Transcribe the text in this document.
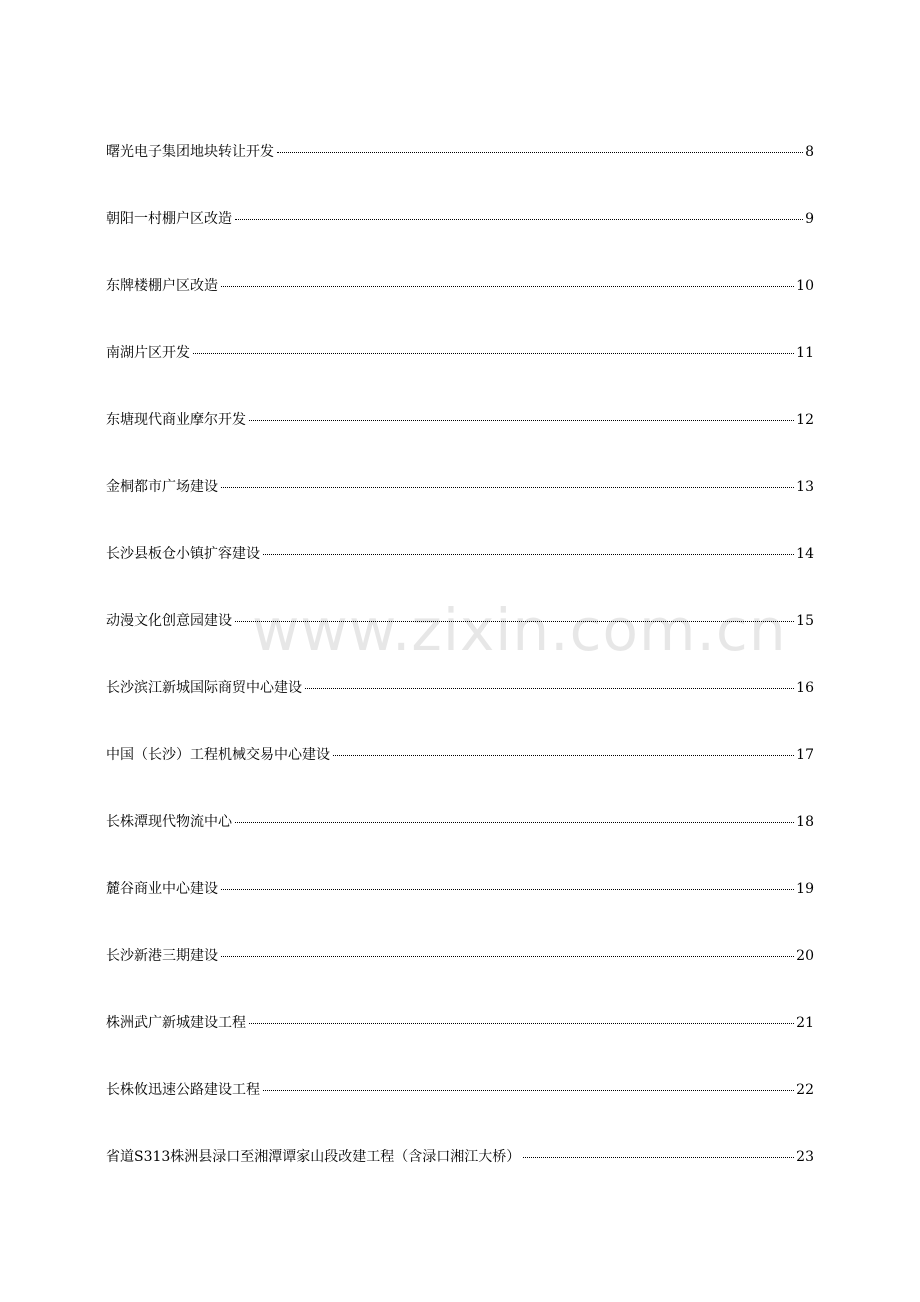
曙光电子集团地块转让开发	8
朝阳一村棚户区改造	9
东牌楼棚户区改造	10
南湖片区开发	11
东塘现代商业摩尔开发	12
金桐都市广场建设	13
长沙县板仓小镇扩容建设	14
动漫文化创意园建设	15
长沙滨江新城国际商贸中心建设	16
中国（长沙）工程机械交易中心建设	17
长株潭现代物流中心	18
麓谷商业中心建设	19
长沙新港三期建设	20
株洲武广新城建设工程	21
长株攸迅速公路建设工程	22
省道S313株洲县渌口至湘潭谭家山段改建工程（含渌口湘江大桥）	23
www.zixin.com.cn
